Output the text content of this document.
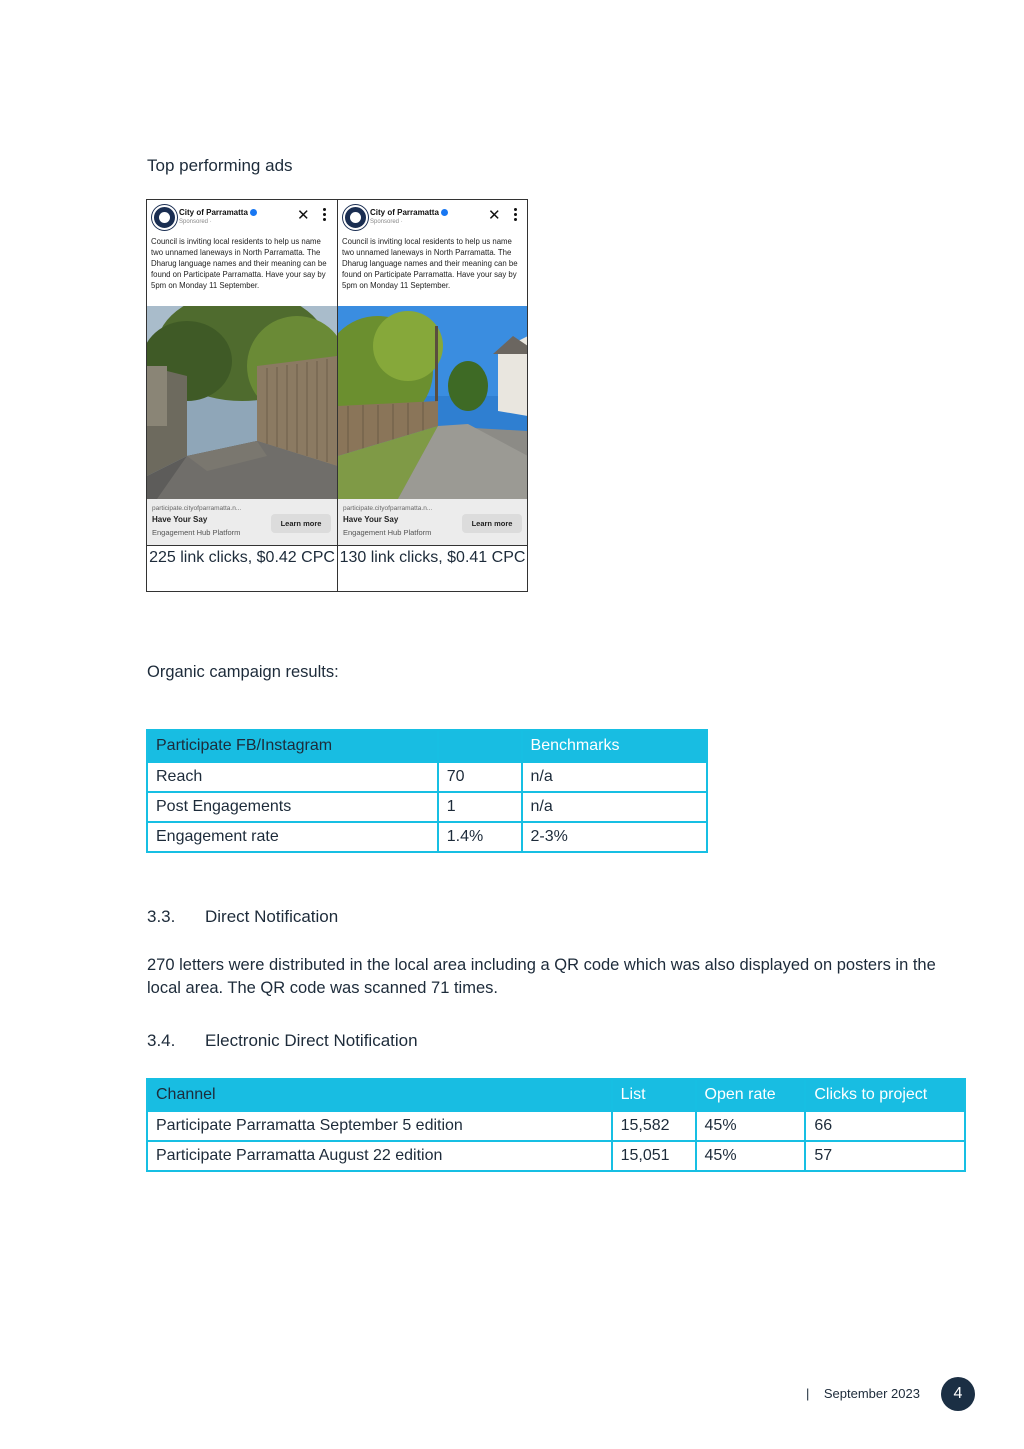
Top performing ads
City of Parramatta
Sponsored ·	✕
Council is inviting local residents to help us name two unnamed laneways in North Parramatta. The Dharug language names and their meaning can be found on Participate Parramatta. Have your say by 5pm on Monday 11 September.
participate.cityofparramatta.n...
Have Your Say
Engagement Hub Platform
Learn more
225 link clicks, $0.42 CPC
City of Parramatta
Sponsored ·	✕
Council is inviting local residents to help us name two unnamed laneways in North Parramatta. The Dharug language names and their meaning can be found on Participate Parramatta. Have your say by 5pm on Monday 11 September.
participate.cityofparramatta.n...
Have Your Say
Engagement Hub Platform
Learn more
130 link clicks, $0.41 CPC
Organic campaign results:
Participate FB/Instagram		Benchmarks
Reach	70	n/a
Post Engagements	1	n/a
Engagement rate	1.4%	2-3%
3.3. Direct Notification
270 letters were distributed in the local area including a QR code which was also displayed on posters in the local area. The QR code was scanned 71 times.
3.4. Electronic Direct Notification
Channel	List	Open rate	Clicks to project
Participate Parramatta September 5 edition	15,582	45%	66
Participate Parramatta August 22 edition	15,051	45%	57
| September 2023	4
